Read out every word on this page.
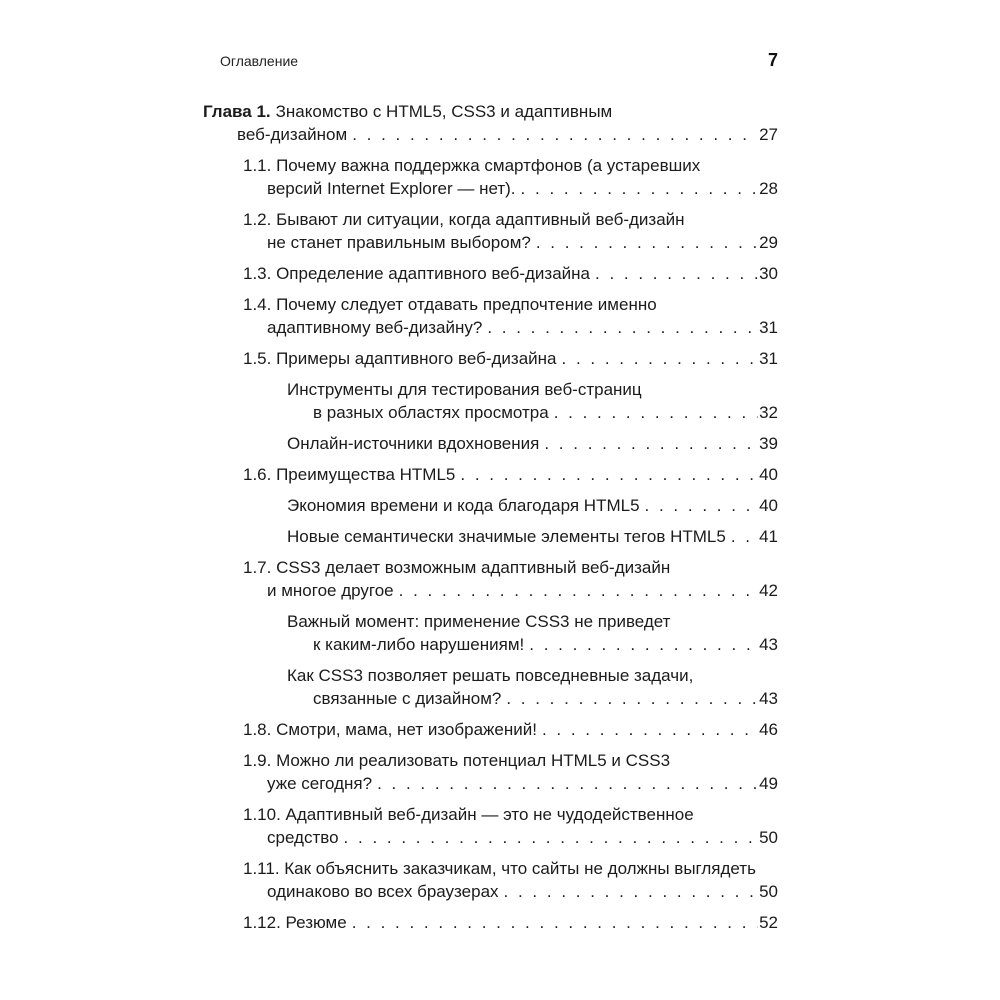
Оглавление	7
Глава 1. Знакомство с HTML5, CSS3 и адаптивным
веб-дизайном . . .	27
1.1. Почему важна поддержка смартфонов (а устаревших
версий Internet Explorer — нет). . . .	28
1.2. Бывают ли ситуации, когда адаптивный веб-дизайн
не станет правильным выбором? . . .	29
1.3. Определение адаптивного веб-дизайна . . .	30
1.4. Почему следует отдавать предпочтение именно
адаптивному веб-дизайну? . . .	31
1.5. Примеры адаптивного веб-дизайна . . .	31
Инструменты для тестирования веб-страниц
в разных областях просмотра . . .	32
Онлайн-источники вдохновения . . .	39
1.6. Преимущества HTML5 . . .	40
Экономия времени и кода благодаря HTML5 . . .	40
Новые семантически значимые элементы тегов HTML5 . . . 41
1.7. CSS3 делает возможным адаптивный веб-дизайн
и многое другое . . .	42
Важный момент: применение CSS3 не приведет
к каким-либо нарушениям! . . .	43
Как CSS3 позволяет решать повседневные задачи,
связанные с дизайном? . . .	43
1.8. Смотри, мама, нет изображений! . . .	46
1.9. Можно ли реализовать потенциал HTML5 и CSS3
уже сегодня? . . .	49
1.10. Адаптивный веб-дизайн — это не чудодейственное
средство . . .	50
1.11. Как объяснить заказчикам, что сайты не должны выглядеть
одинаково во всех браузерах . . .	50
1.12. Резюме . . .	52
